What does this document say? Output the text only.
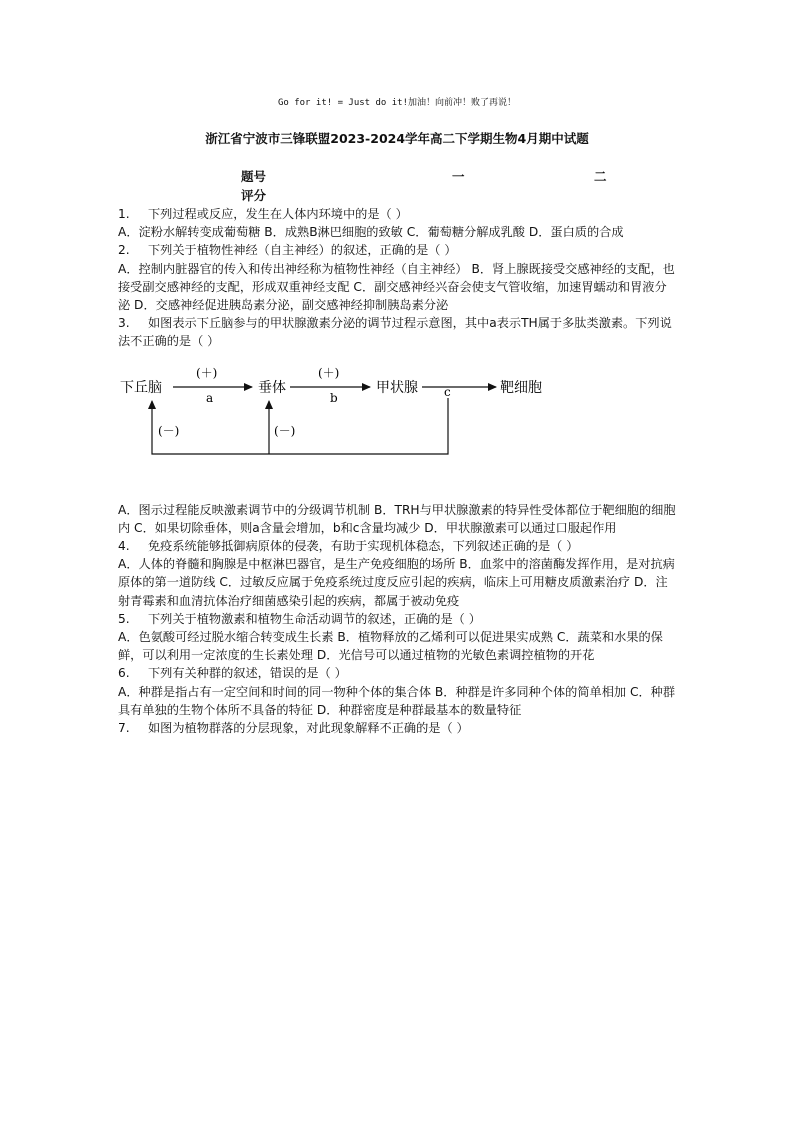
Go for it! = Just do it!加油！向前冲！败了再说！
浙江省宁波市三锋联盟2023-2024学年高二下学期生物4月期中试题
题号	一	二
评分

1. 下列过程或反应，发生在人体内环境中的是（ ）

A．淀粉水解转变成葡萄糖 B．成熟B淋巴细胞的致敏 C．葡萄糖分解成乳酸 D．蛋白质的合成

2. 下列关于植物性神经（自主神经）的叙述，正确的是（ ）

A．控制内脏器官的传入和传出神经称为植物性神经（自主神经） B．肾上腺既接受交感神经的支配，也接受副交感神经的支配，形成双重神经支配 C．副交感神经兴奋会使支气管收缩，加速胃蠕动和胃液分泌 D．交感神经促进胰岛素分泌，副交感神经抑制胰岛素分泌

3. 如图表示下丘脑参与的甲状腺激素分泌的调节过程示意图，其中a表示TH属于多肽类激素。下列说法不正确的是（ ）

下丘脑	垂体	甲状腺	靶细胞
(＋)	(＋)
a	b	c
(－)	(－)

A．图示过程能反映激素调节中的分级调节机制 B．TRH与甲状腺激素的特异性受体都位于靶细胞的细胞内 C．如果切除垂体，则a含量会增加，b和c含量均减少 D．甲状腺激素可以通过口服起作用

4. 免疫系统能够抵御病原体的侵袭，有助于实现机体稳态，下列叙述正确的是（ ）

A．人体的脊髓和胸腺是中枢淋巴器官，是生产免疫细胞的场所 B．血浆中的溶菌酶发挥作用，是对抗病原体的第一道防线 C．过敏反应属于免疫系统过度反应引起的疾病，临床上可用糖皮质激素治疗 D．注射青霉素和血清抗体治疗细菌感染引起的疾病，都属于被动免疫

5. 下列关于植物激素和植物生命活动调节的叙述，正确的是（ ）

A．色氨酸可经过脱水缩合转变成生长素 B．植物释放的乙烯利可以促进果实成熟 C．蔬菜和水果的保鲜，可以利用一定浓度的生长素处理 D．光信号可以通过植物的光敏色素调控植物的开花

6. 下列有关种群的叙述，错误的是（ ）

A．种群是指占有一定空间和时间的同一物种个体的集合体 B．种群是许多同种个体的简单相加 C．种群具有单独的生物个体所不具备的特征 D．种群密度是种群最基本的数量特征

7. 如图为植物群落的分层现象，对此现象解释不正确的是（ ）
